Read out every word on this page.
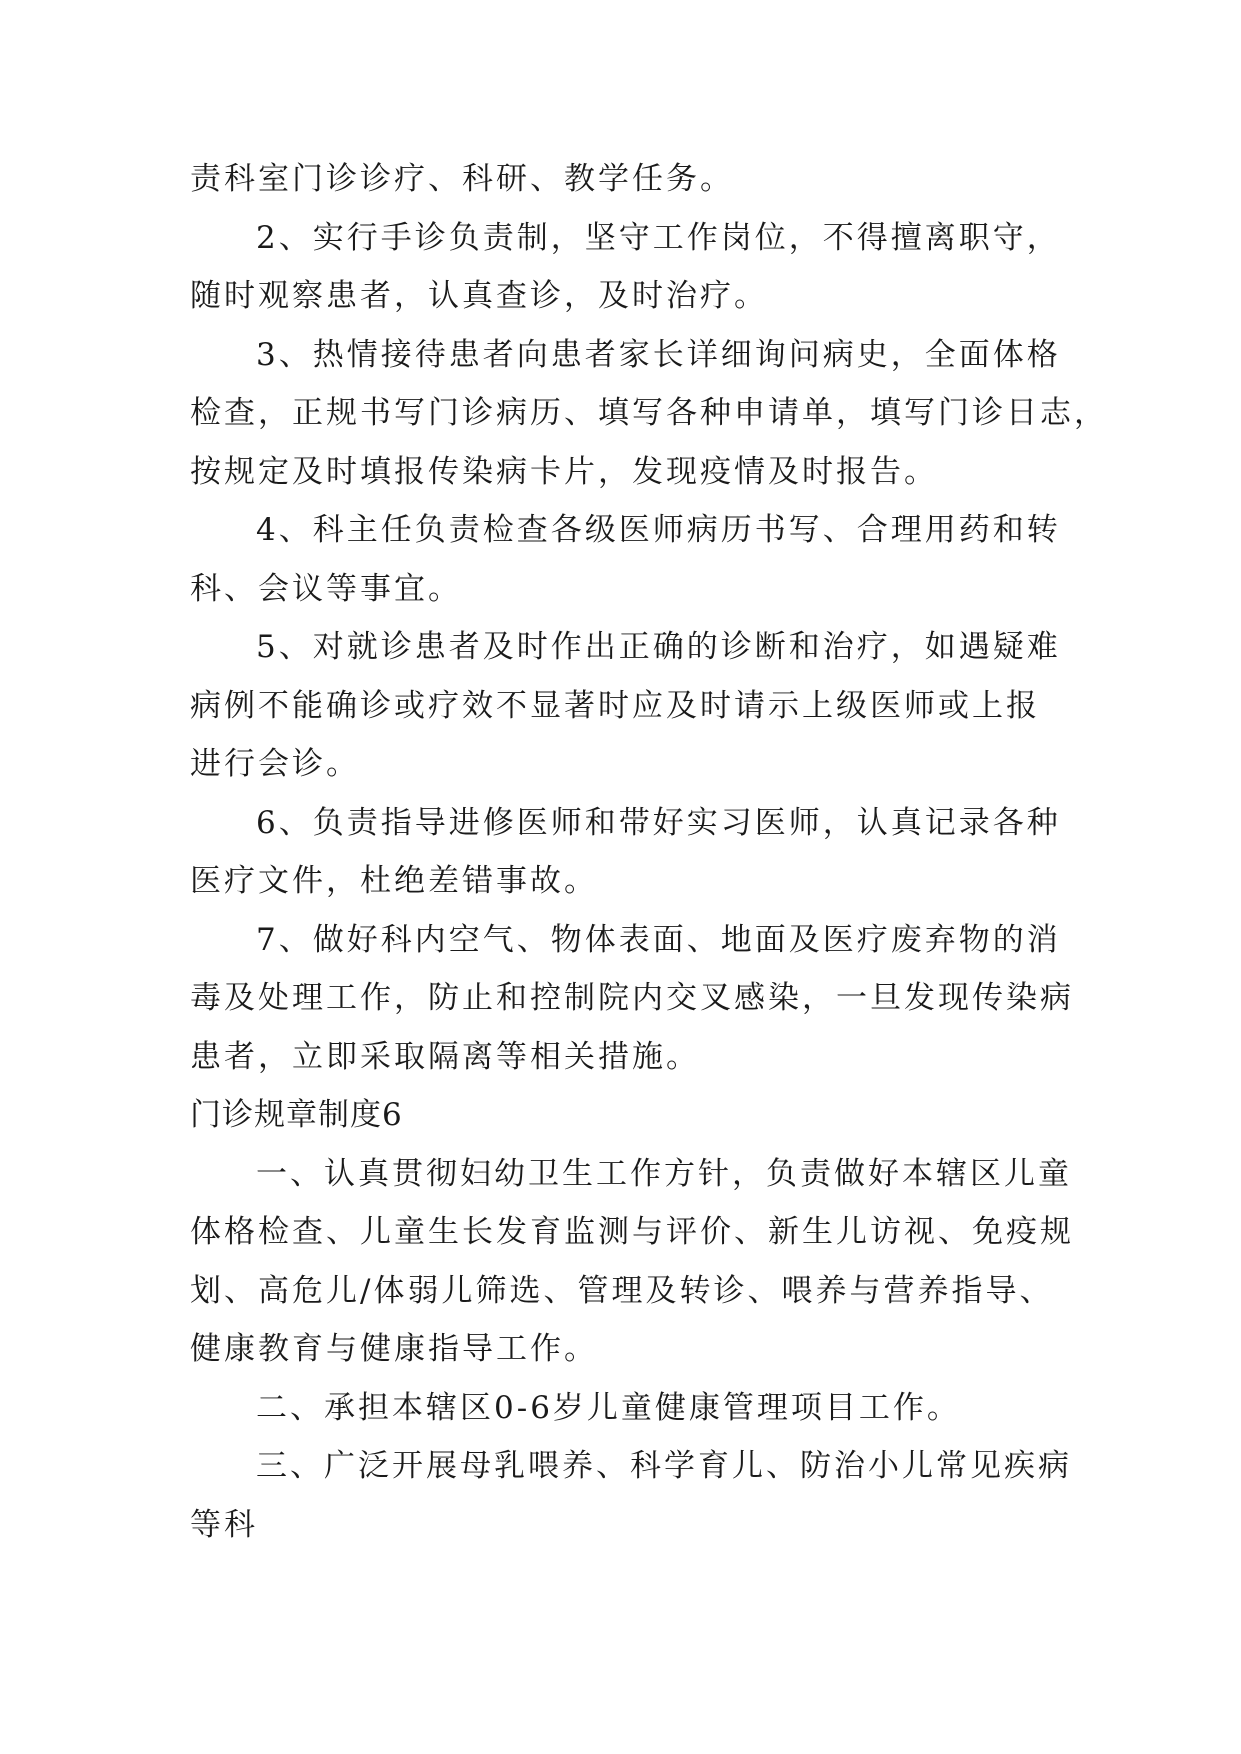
责科室门诊诊疗、科研、教学任务。

2、实行手诊负责制，坚守工作岗位，不得擅离职守，

随时观察患者，认真查诊，及时治疗。

3、热情接待患者向患者家长详细询问病史，全面体格

检查，正规书写门诊病历、填写各种申请单，填写门诊日志，

按规定及时填报传染病卡片，发现疫情及时报告。

4、科主任负责检查各级医师病历书写、合理用药和转

科、会议等事宜。

5、对就诊患者及时作出正确的诊断和治疗，如遇疑难

病例不能确诊或疗效不显著时应及时请示上级医师或上报

进行会诊。

6、负责指导进修医师和带好实习医师，认真记录各种

医疗文件，杜绝差错事故。

7、做好科内空气、物体表面、地面及医疗废弃物的消

毒及处理工作，防止和控制院内交叉感染，一旦发现传染病

患者，立即采取隔离等相关措施。

门诊规章制度6

一、认真贯彻妇幼卫生工作方针，负责做好本辖区儿童

体格检查、儿童生长发育监测与评价、新生儿访视、免疫规

划、高危儿/体弱儿筛选、管理及转诊、喂养与营养指导、

健康教育与健康指导工作。

二、承担本辖区0-6岁儿童健康管理项目工作。

三、广泛开展母乳喂养、科学育儿、防治小儿常见疾病

等科
